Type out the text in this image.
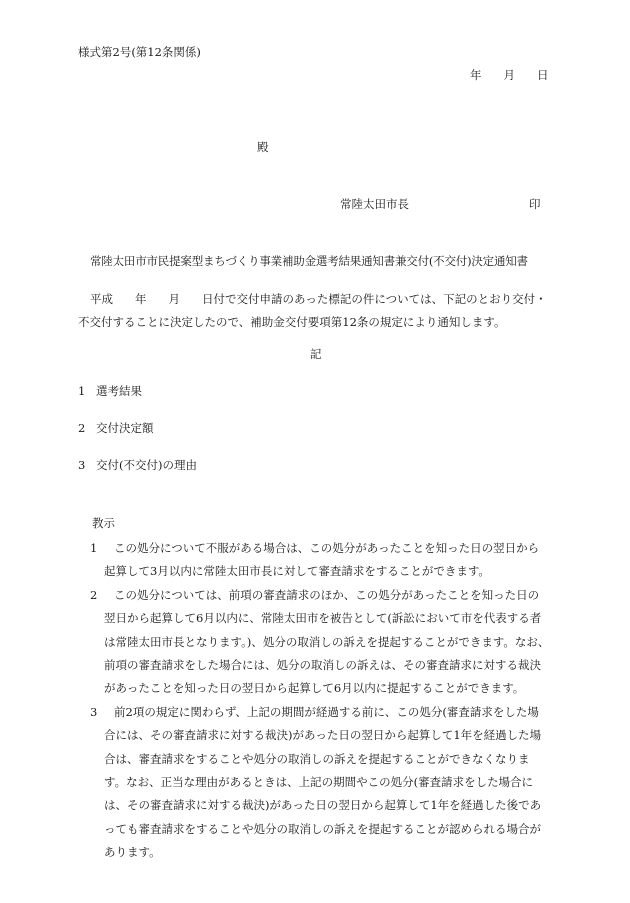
様式第2号(第12条関係)
年 月 日
殿
常陸太田市長	印
常陸太田市市民提案型まちづくり事業補助金選考結果通知書兼交付(不交付)決定通知書
平成 年 月 日付で交付申請のあった標記の件については、下記のとおり交付・不交付することに決定したので、補助金交付要項第12条の規定により通知します。
記
1 選考結果
2 交付決定額
3 交付(不交付)の理由
教示

1	この処分について不服がある場合は、この処分があったことを知った日の翌日から起算して3月以内に常陸太田市長に対して審査請求をすることができます。

2	この処分については、前項の審査請求のほか、この処分があったことを知った日の翌日から起算して6月以内に、常陸太田市を被告として(訴訟において市を代表する者は常陸太田市長となります。)、処分の取消しの訴えを提起することができます。なお、前項の審査請求をした場合には、処分の取消しの訴えは、その審査請求に対する裁決があったことを知った日の翌日から起算して6月以内に提起することができます。

3	前2項の規定に関わらず、上記の期間が経過する前に、この処分(審査請求をした場合には、その審査請求に対する裁決)があった日の翌日から起算して1年を経過した場合は、審査請求をすることや処分の取消しの訴えを提起することができなくなります。なお、正当な理由があるときは、上記の期間やこの処分(審査請求をした場合には、その審査請求に対する裁決)があった日の翌日から起算して1年を経過した後であっても審査請求をすることや処分の取消しの訴えを提起することが認められる場合があります。
